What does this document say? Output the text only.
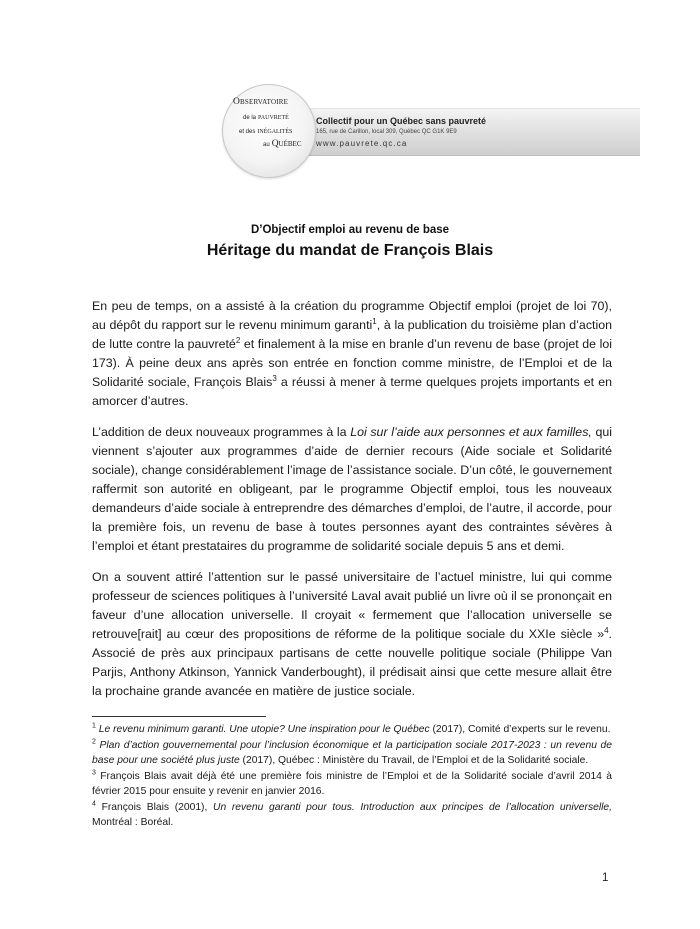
Collectif pour un Québec sans pauvreté
165, rue de Carillon, local 309, Québec QC G1K 9E9
www.pauvrete.qc.ca
Observatoire
de la pauvreté
et des inégalités
au Québec
D’Objectif emploi au revenu de base
Héritage du mandat de François Blais

En peu de temps, on a assisté à la création du programme Objectif emploi (projet de loi 70), au dépôt du rapport sur le revenu minimum garanti$^1$, à la publication du troisième plan d’action de lutte contre la pauvreté$^2$ et finalement à la mise en branle d’un revenu de base (projet de loi 173). À peine deux ans après son entrée en fonction comme ministre, de l’Emploi et de la Solidarité sociale, François Blais$^3$ a réussi à mener à terme quelques projets importants et en amorcer d’autres.

L’addition de deux nouveaux programmes à la Loi sur l’aide aux personnes et aux familles, qui viennent s’ajouter aux programmes d’aide de dernier recours (Aide sociale et Solidarité sociale), change considérablement l’image de l’assistance sociale. D’un côté, le gouvernement raffermit son autorité en obligeant, par le programme Objectif emploi, tous les nouveaux demandeurs d’aide sociale à entreprendre des démarches d’emploi, de l’autre, il accorde, pour la première fois, un revenu de base à toutes personnes ayant des contraintes sévères à l’emploi et étant prestataires du programme de solidarité sociale depuis 5 ans et demi.

On a souvent attiré l’attention sur le passé universitaire de l’actuel ministre, lui qui comme professeur de sciences politiques à l’université Laval avait publié un livre où il se prononçait en faveur d’une allocation universelle. Il croyait « fermement que l’allocation universelle se retrouve[rait] au cœur des propositions de réforme de la politique sociale du XXIe siècle »$^4$. Associé de près aux principaux partisans de cette nouvelle politique sociale (Philippe Van Parjis, Anthony Atkinson, Yannick Vanderbought), il prédisait ainsi que cette mesure allait être la prochaine grande avancée en matière de justice sociale.

$^1$ Le revenu minimum garanti. Une utopie? Une inspiration pour le Québec (2017), Comité d’experts sur le revenu.

$^2$ Plan d’action gouvernemental pour l’inclusion économique et la participation sociale 2017-2023 : un revenu de base pour une société plus juste (2017), Québec : Ministère du Travail, de l’Emploi et de la Solidarité sociale.

$^3$ François Blais avait déjà été une première fois ministre de l’Emploi et de la Solidarité sociale d’avril 2014 à février 2015 pour ensuite y revenir en janvier 2016.

$^4$ François Blais (2001), Un revenu garanti pour tous. Introduction aux principes de l’allocation universelle, Montréal : Boréal.

1
